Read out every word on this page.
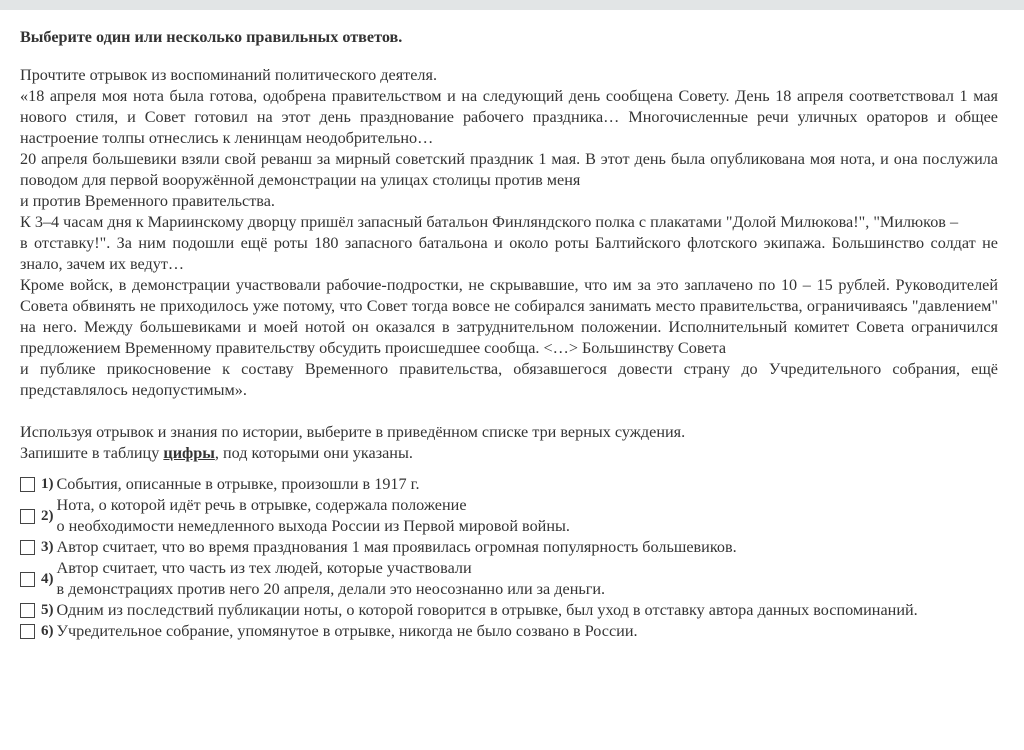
Выберите один или несколько правильных ответов.

Прочтите отрывок из воспоминаний политического деятеля.

«18 апреля моя нота была готова, одобрена правительством и на следующий день сообщена Совету. День 18 апреля соответствовал 1 мая нового стиля, и Совет готовил на этот день празднование рабочего праздника… Многочисленные речи уличных ораторов и общее настроение толпы отнеслись к ленинцам неодобрительно…

20 апреля большевики взяли свой реванш за мирный советский праздник 1 мая. В этот день была опубликована моя нота, и она послужила поводом для первой вооружённой демонстрации на улицах столицы против меня

и против Временного правительства.

К 3–4 часам дня к Мариинскому дворцу пришёл запасный батальон Финляндского полка с плакатами "Долой Милюкова!", "Милюков –

в отставку!". За ним подошли ещё роты 180 запасного батальона и около роты Балтийского флотского экипажа. Большинство солдат не знало, зачем их ведут…

Кроме войск, в демонстрации участвовали рабочие-подростки, не скрывавшие, что им за это заплачено по 10 – 15 рублей. Руководителей Совета обвинять не приходилось уже потому, что Совет тогда вовсе не собирался занимать место правительства, ограничиваясь "давлением" на него. Между большевиками и моей нотой он оказался в затруднительном положении. Исполнительный комитет Совета ограничился предложением Временному правительству обсудить происшедшее сообща. <…> Большинству Совета

и публике прикосновение к составу Временного правительства, обязавшегося довести страну до Учредительного собрания, ещё представлялось недопустимым».

Используя отрывок и знания по истории, выберите в приведённом списке три верных суждения.

Запишите в таблицу цифры, под которыми они указаны.

1) События, описанные в отрывке, произошли в 1917 г.
2)
Нота, о которой идёт речь в отрывке, содержала положение
о необходимости немедленного выхода России из Первой мировой войны.
3) Автор считает, что во время празднования 1 мая проявилась огромная популярность большевиков.
4)
Автор считает, что часть из тех людей, которые участвовали
в демонстрациях против него 20 апреля, делали это неосознанно или за деньги.
5) Одним из последствий публикации ноты, о которой говорится в отрывке, был уход в отставку автора данных воспоминаний.
6) Учредительное собрание, упомянутое в отрывке, никогда не было созвано в России.
